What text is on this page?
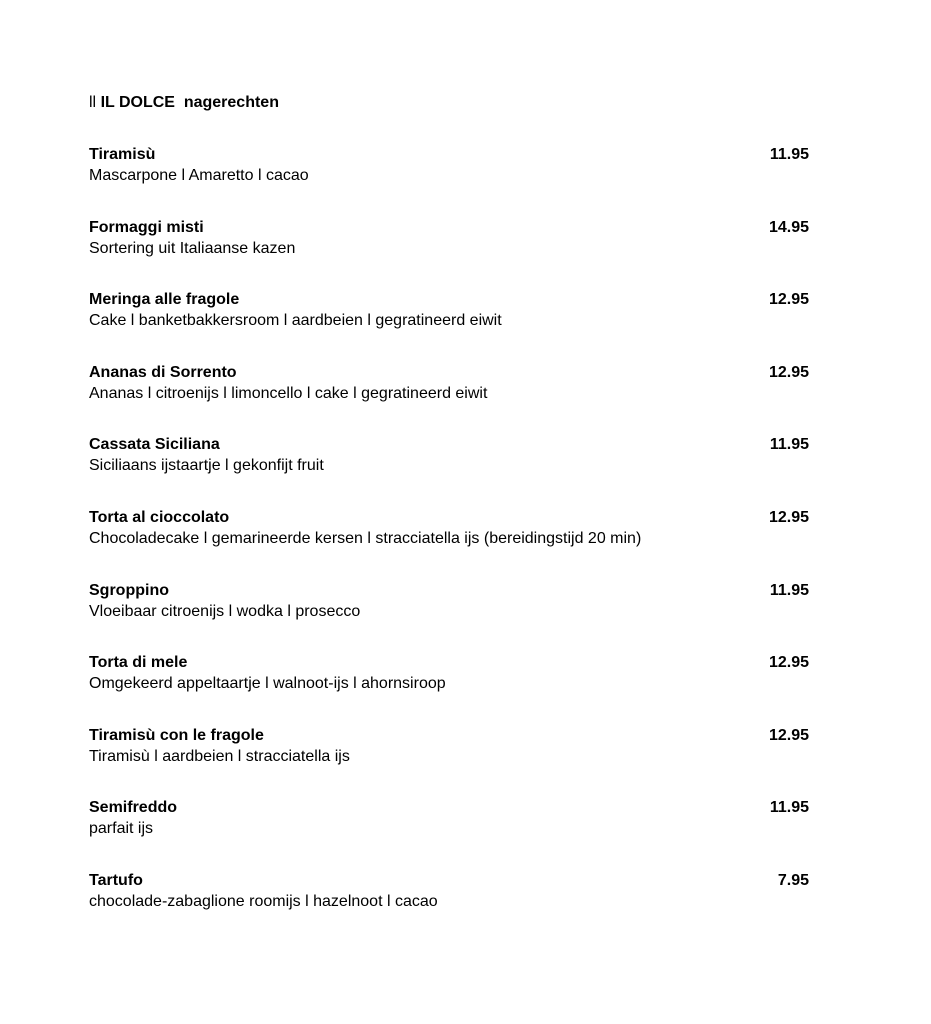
ll IL DOLCE  nagerechten
Tiramisù	11.95
Mascarpone l Amaretto l cacao
Formaggi misti	14.95
Sortering uit Italiaanse kazen
Meringa alle fragole	12.95
Cake l banketbakkersroom l aardbeien l gegratineerd eiwit
Ananas di Sorrento	12.95
Ananas l citroenijs l limoncello l cake l gegratineerd eiwit
Cassata Siciliana	11.95
Siciliaans ijstaartje l gekonfijt fruit
Torta al cioccolato	12.95
Chocoladecake l gemarineerde kersen l stracciatella ijs (bereidingstijd 20 min)
Sgroppino	11.95
Vloeibaar citroenijs l wodka l prosecco
Torta di mele	12.95
Omgekeerd appeltaartje l walnoot-ijs l ahornsiroop
Tiramisù con le fragole	12.95
Tiramisù l aardbeien l stracciatella ijs
Semifreddo	11.95
parfait ijs
Tartufo	7.95
chocolade-zabaglione roomijs l hazelnoot l cacao
